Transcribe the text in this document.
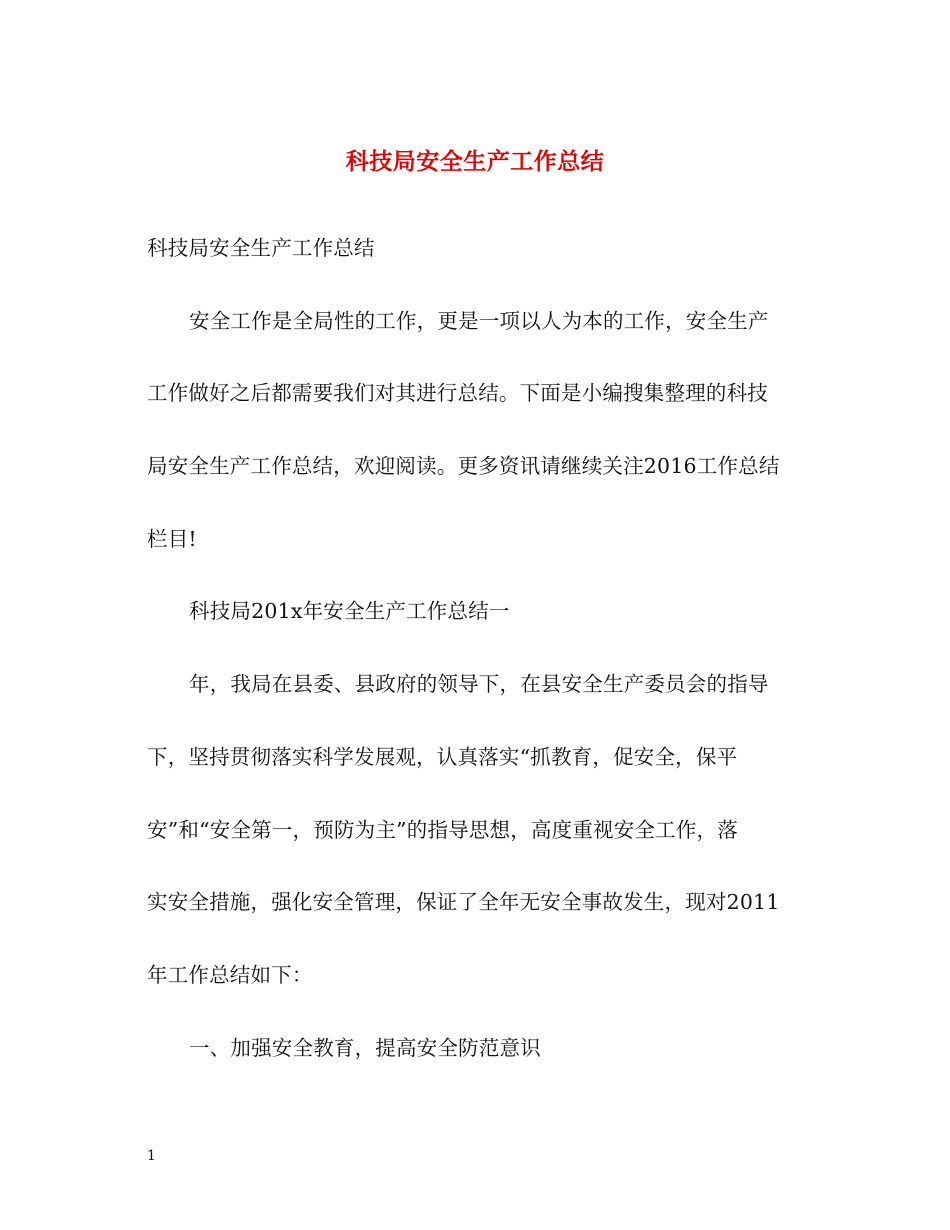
科技局安全生产工作总结
科技局安全生产工作总结
安全工作是全局性的工作，更是一项以人为本的工作，安全生产
工作做好之后都需要我们对其进行总结。下面是小编搜集整理的科技
局安全生产工作总结，欢迎阅读。更多资讯请继续关注2016工作总结
栏目!
科技局201x年安全生产工作总结一
年，我局在县委、县政府的领导下，在县安全生产委员会的指导
下，坚持贯彻落实科学发展观，认真落实“抓教育，促安全，保平
安”和“安全第一，预防为主”的指导思想，高度重视安全工作，落
实安全措施，强化安全管理，保证了全年无安全事故发生，现对2011
年工作总结如下：
一、加强安全教育，提高安全防范意识
1
